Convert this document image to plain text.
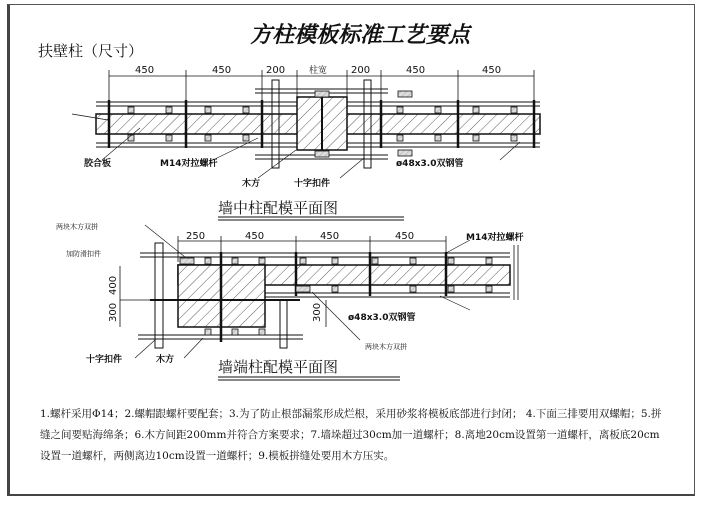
方柱模板标准工艺要点
扶壁柱（尺寸）
450	450	200	柱宽 200	450	450
胶合板	M14对拉螺杆
木方	十字扣件
ø48x3.0双钢管
墙中柱配模平面图
250	450	450	450
400
300	300
两块木方双拼
加防滑扣件
两块木方双拼
M14对拉螺杆
ø48x3.0双钢管
十字扣件	木方	墙端柱配模平面图
1.螺杆采用Φ14；2.螺帽跟螺杆要配套；3.为了防止根部漏浆形成烂根，采用砂浆将模板底部进行封闭； 4.下面三排要用双螺帽；5.拼缝之间要贴海绵条；6.木方间距200mm并符合方案要求；7.墙垛超过30cm加一道螺杆；8.离地20cm设置第一道螺杆，离板底20cm设置一道螺杆，两侧离边10cm设置一道螺杆；9.模板拼缝处要用木方压实。
